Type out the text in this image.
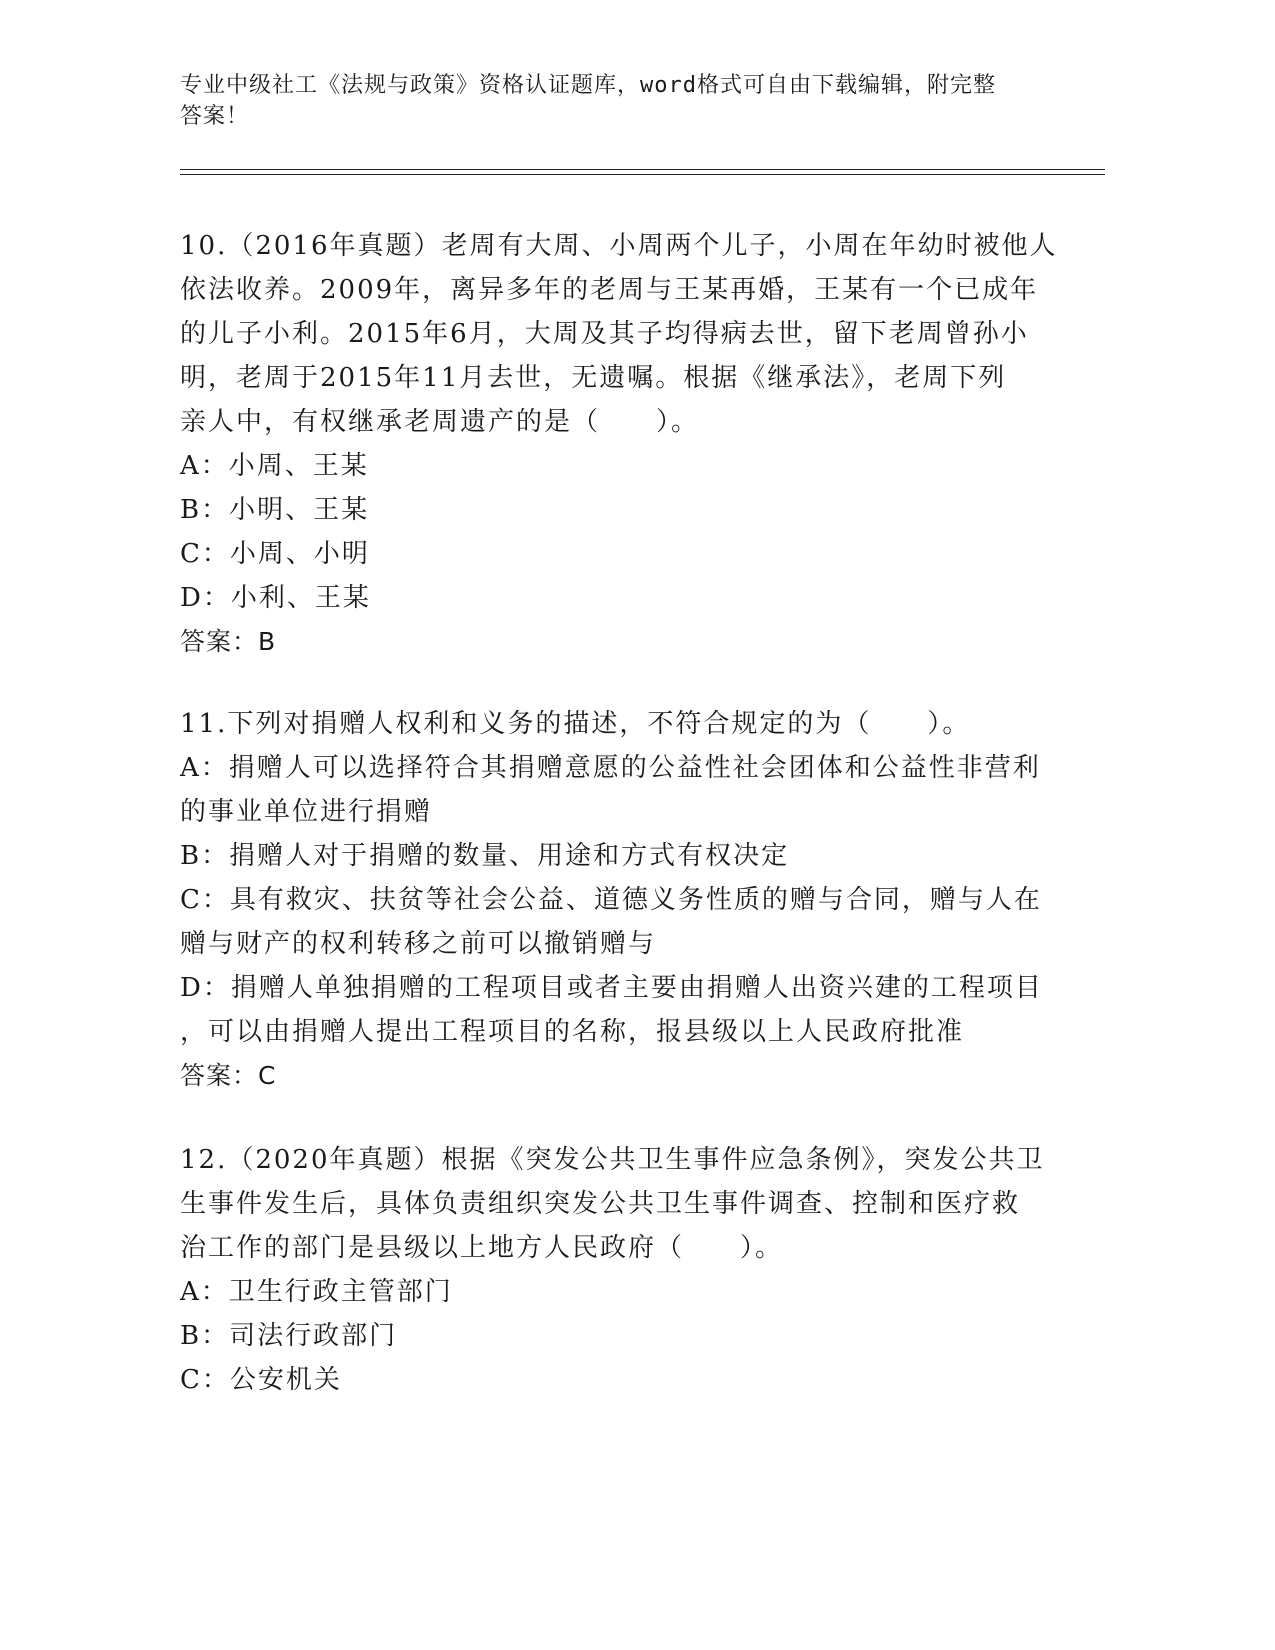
专业中级社工《法规与政策》资格认证题库，word格式可自由下载编辑，附完整
答案！
10.（2016年真题）老周有大周、小周两个儿子，小周在年幼时被他人
依法收养。2009年，离异多年的老周与王某再婚，王某有一个已成年
的儿子小利。2015年6月，大周及其子均得病去世，留下老周曾孙小
明，老周于2015年11月去世，无遗嘱。根据《继承法》，老周下列
亲人中，有权继承老周遗产的是（　　）。
A：小周、王某
B：小明、王某
C：小周、小明
D：小利、王某
答案：B
11.下列对捐赠人权利和义务的描述，不符合规定的为（　　）。
A：捐赠人可以选择符合其捐赠意愿的公益性社会团体和公益性非营利
的事业单位进行捐赠
B：捐赠人对于捐赠的数量、用途和方式有权决定
C：具有救灾、扶贫等社会公益、道德义务性质的赠与合同，赠与人在
赠与财产的权利转移之前可以撤销赠与
D：捐赠人单独捐赠的工程项目或者主要由捐赠人出资兴建的工程项目
，可以由捐赠人提出工程项目的名称，报县级以上人民政府批准
答案：C
12.（2020年真题）根据《突发公共卫生事件应急条例》，突发公共卫
生事件发生后，具体负责组织突发公共卫生事件调查、控制和医疗救
治工作的部门是县级以上地方人民政府（　　）。
A：卫生行政主管部门
B：司法行政部门
C：公安机关
